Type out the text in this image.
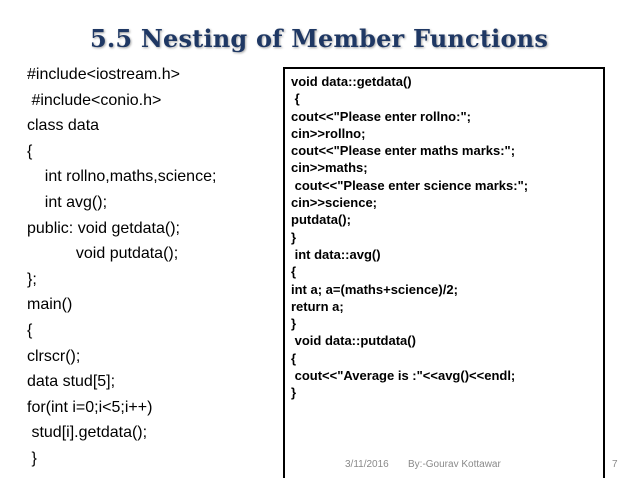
5.5 Nesting of Member Functions
#include<iostream.h>
#include<conio.h>
class data
{
int rollno,maths,science;
int avg();
public: void getdata();
void putdata();
};
main()
{
clrscr();
data stud[5];
for(int i=0;i<5;i++)
stud[i].getdata();
}
void data::getdata()
{
cout<<"Please enter rollno:";
cin>>rollno;
cout<<"Please enter maths marks:";
cin>>maths;
cout<<"Please enter science marks:";
cin>>science;
putdata();
}
int data::avg()
{
int a; a=(maths+science)/2;
return a;
}
void data::putdata()
{
cout<<"Average is :"<<avg()<<endl;
}
3/11/2016 By:-Gourav Kottawar	7
